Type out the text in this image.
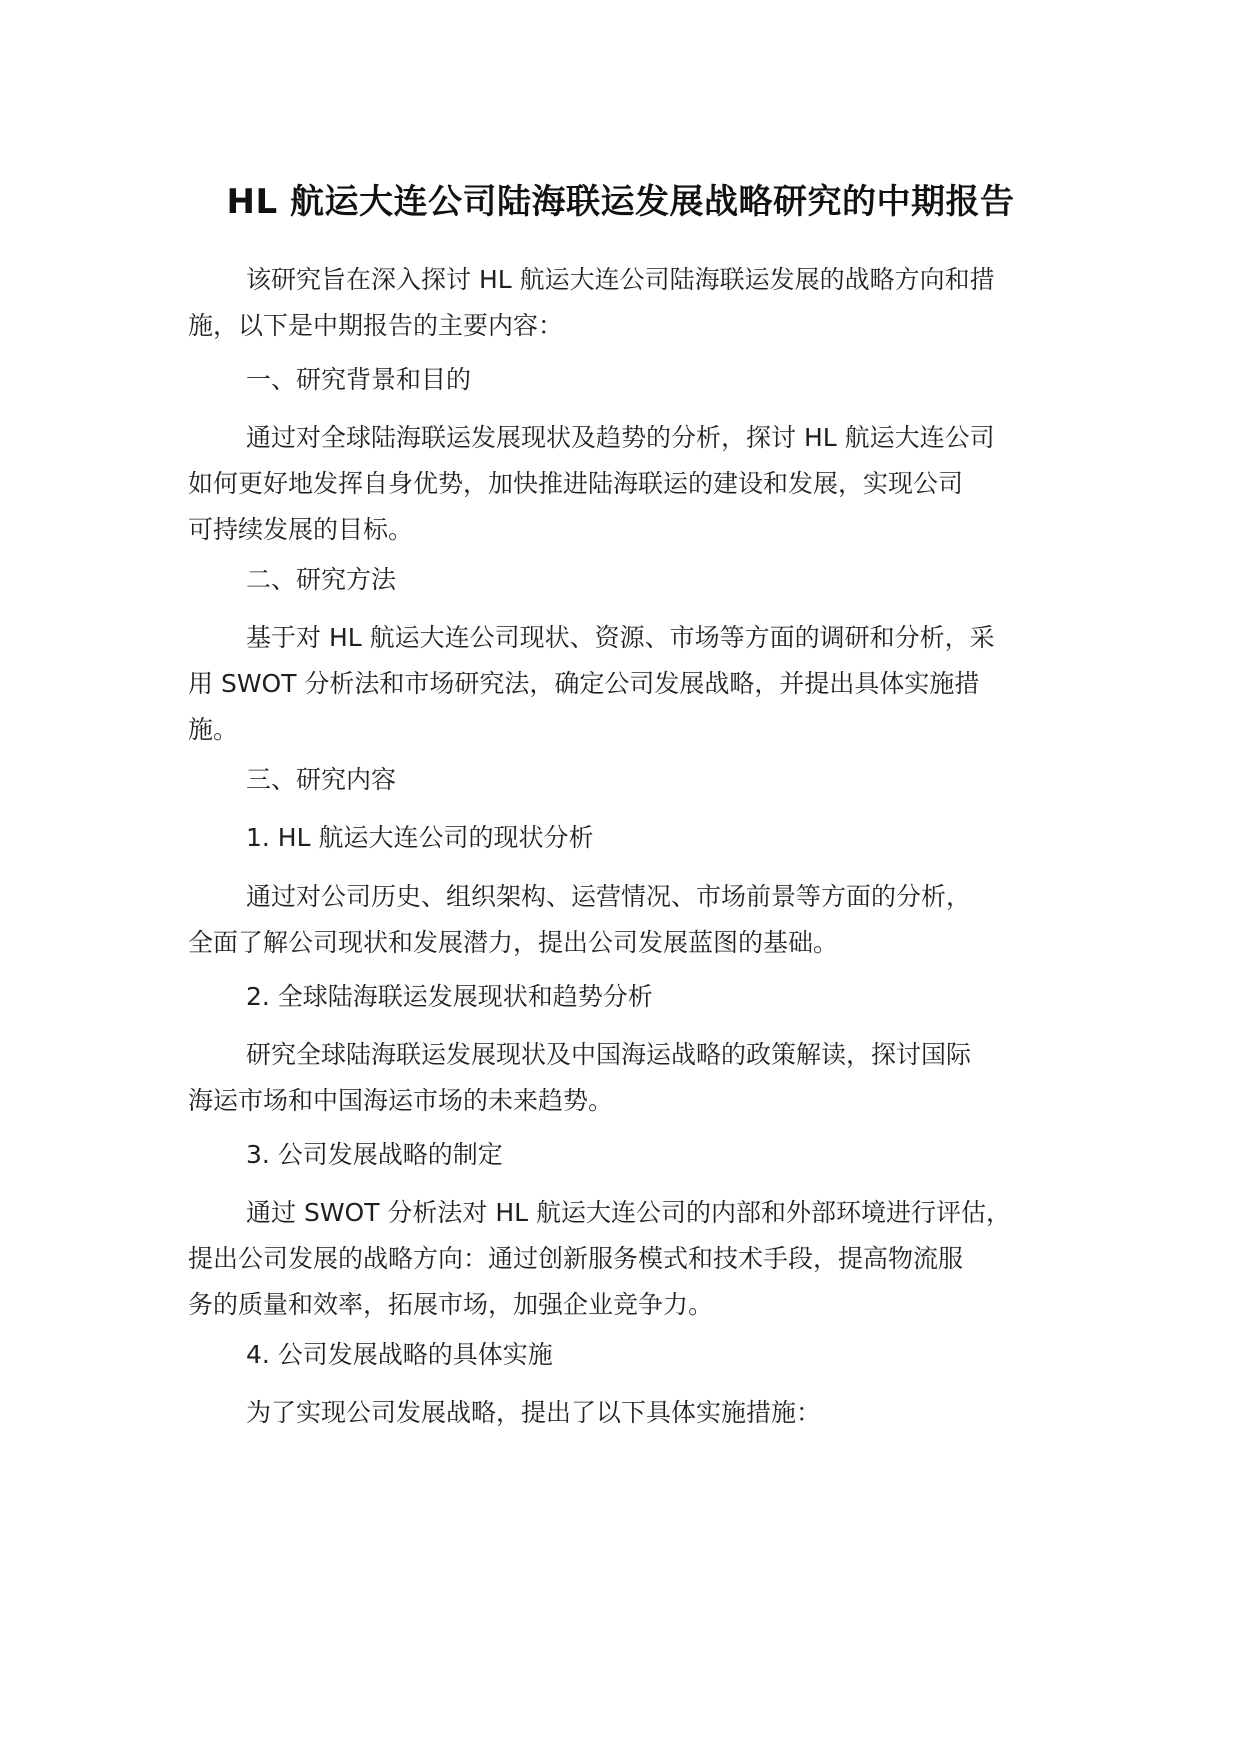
HL 航运大连公司陆海联运发展战略研究的中期报告
该研究旨在深入探讨 HL 航运大连公司陆海联运发展的战略方向和措
施，以下是中期报告的主要内容：
一、研究背景和目的
通过对全球陆海联运发展现状及趋势的分析，探讨 HL 航运大连公司
如何更好地发挥自身优势，加快推进陆海联运的建设和发展，实现公司
可持续发展的目标。
二、研究方法
基于对 HL 航运大连公司现状、资源、市场等方面的调研和分析，采
用 SWOT 分析法和市场研究法，确定公司发展战略，并提出具体实施措
施。
三、研究内容
1. HL 航运大连公司的现状分析
通过对公司历史、组织架构、运营情况、市场前景等方面的分析，
全面了解公司现状和发展潜力，提出公司发展蓝图的基础。
2. 全球陆海联运发展现状和趋势分析
研究全球陆海联运发展现状及中国海运战略的政策解读，探讨国际
海运市场和中国海运市场的未来趋势。
3. 公司发展战略的制定
通过 SWOT 分析法对 HL 航运大连公司的内部和外部环境进行评估，
提出公司发展的战略方向：通过创新服务模式和技术手段，提高物流服
务的质量和效率，拓展市场，加强企业竞争力。
4. 公司发展战略的具体实施
为了实现公司发展战略，提出了以下具体实施措施：
